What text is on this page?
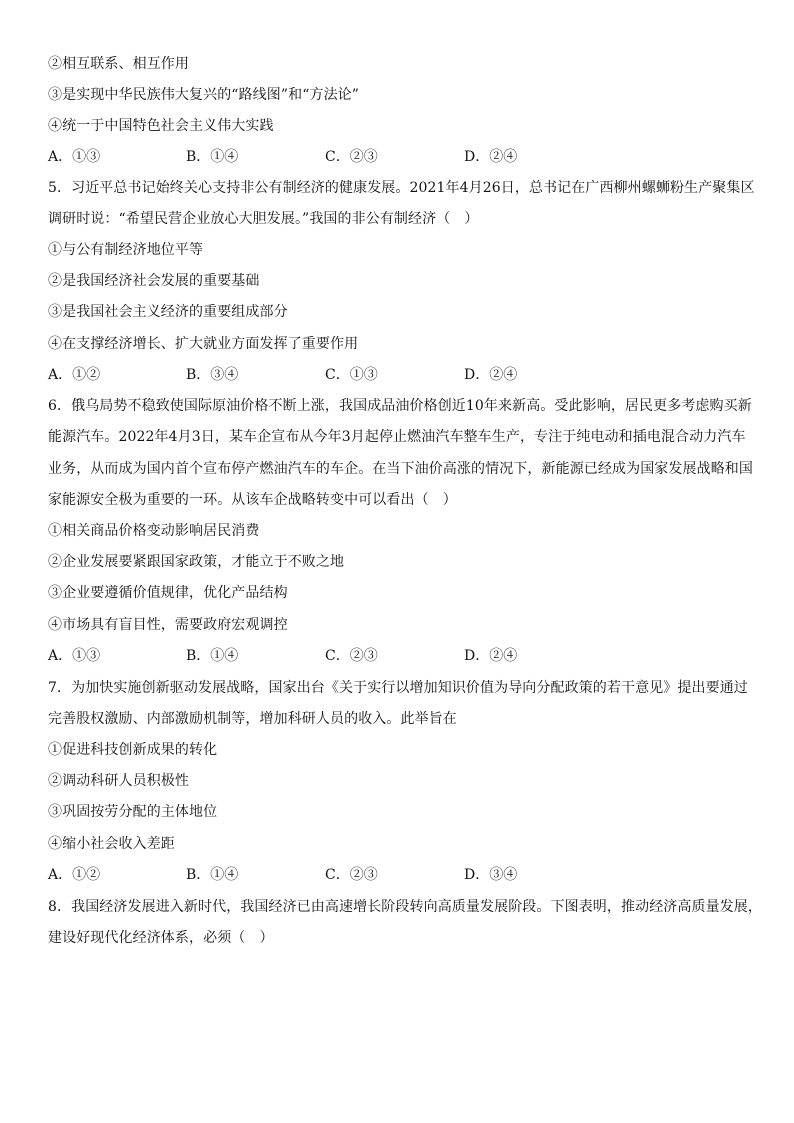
②相互联系、相互作用
③是实现中华民族伟大复兴的“路线图”和“方法论”
④统一于中国特色社会主义伟大实践
A．①③	B．①④	C．②③	D．②④
5．习近平总书记始终关心支持非公有制经济的健康发展。2021年4月26日，总书记在广西柳州螺蛳粉生产聚集区
调研时说：“希望民营企业放心大胆发展。”我国的非公有制经济（　）
①与公有制经济地位平等
②是我国经济社会发展的重要基础
③是我国社会主义经济的重要组成部分
④在支撑经济增长、扩大就业方面发挥了重要作用
A．①②	B．③④	C．①③	D．②④
6．俄乌局势不稳致使国际原油价格不断上涨，我国成品油价格创近10年来新高。受此影响，居民更多考虑购买新
能源汽车。2022年4月3日，某车企宣布从今年3月起停止燃油汽车整车生产，专注于纯电动和插电混合动力汽车
业务，从而成为国内首个宣布停产燃油汽车的车企。在当下油价高涨的情况下，新能源已经成为国家发展战略和国
家能源安全极为重要的一环。从该车企战略转变中可以看出（　）
①相关商品价格变动影响居民消费
②企业发展要紧跟国家政策，才能立于不败之地
③企业要遵循价值规律，优化产品结构
④市场具有盲目性，需要政府宏观调控
A．①③	B．①④	C．②③	D．②④
7．为加快实施创新驱动发展战略，国家出台《关于实行以增加知识价值为导向分配政策的若干意见》提出要通过
完善股权激励、内部激励机制等，增加科研人员的收入。此举旨在
①促进科技创新成果的转化
②调动科研人员积极性
③巩固按劳分配的主体地位
④缩小社会收入差距
A．①②	B．①④	C．②③	D．③④
8．我国经济发展进入新时代，我国经济已由高速增长阶段转向高质量发展阶段。下图表明，推动经济高质量发展，
建设好现代化经济体系，必须（　）
